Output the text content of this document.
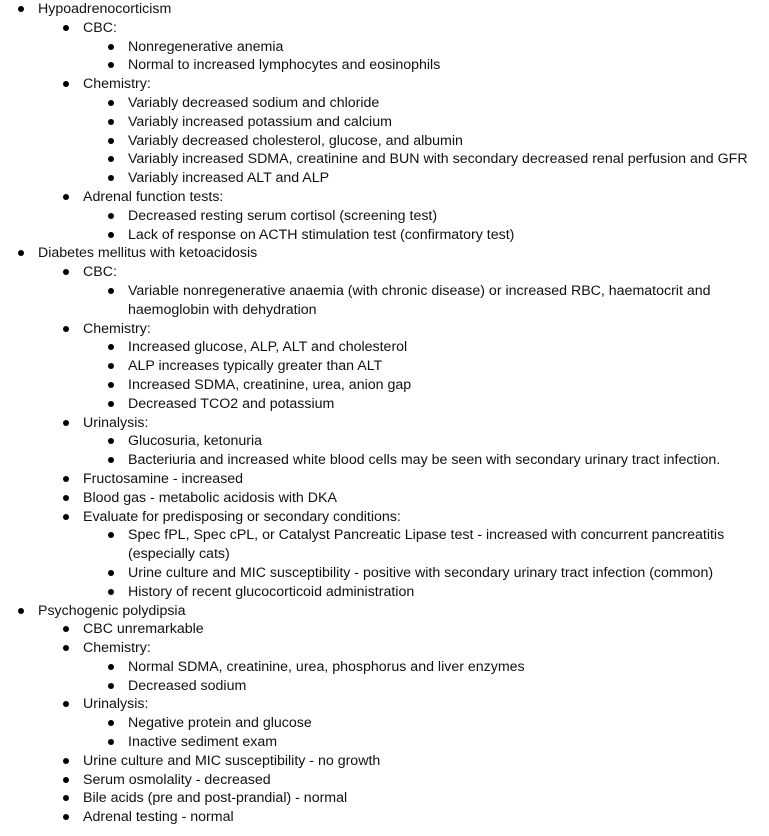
Hypoadrenocorticism
CBC:
Nonregenerative anemia
Normal to increased lymphocytes and eosinophils
Chemistry:
Variably decreased sodium and chloride
Variably increased potassium and calcium
Variably decreased cholesterol, glucose, and albumin
Variably increased SDMA, creatinine and BUN with secondary decreased renal perfusion and GFR
Variably increased ALT and ALP
Adrenal function tests:
Decreased resting serum cortisol (screening test)
Lack of response on ACTH stimulation test (confirmatory test)
Diabetes mellitus with ketoacidosis
CBC:
Variable nonregenerative anaemia (with chronic disease) or increased RBC, haematocrit and haemoglobin with dehydration
Chemistry:
Increased glucose, ALP, ALT and cholesterol
ALP increases typically greater than ALT
Increased SDMA, creatinine, urea, anion gap
Decreased TCO2 and potassium
Urinalysis:
Glucosuria, ketonuria
Bacteriuria and increased white blood cells may be seen with secondary urinary tract infection.
Fructosamine - increased
Blood gas - metabolic acidosis with DKA
Evaluate for predisposing or secondary conditions:
Spec fPL, Spec cPL, or Catalyst Pancreatic Lipase test - increased with concurrent pancreatitis (especially cats)
Urine culture and MIC susceptibility - positive with secondary urinary tract infection (common)
History of recent glucocorticoid administration
Psychogenic polydipsia
CBC unremarkable
Chemistry:
Normal SDMA, creatinine, urea, phosphorus and liver enzymes
Decreased sodium
Urinalysis:
Negative protein and glucose
Inactive sediment exam
Urine culture and MIC susceptibility - no growth
Serum osmolality - decreased
Bile acids (pre and post-prandial) - normal
Adrenal testing - normal
